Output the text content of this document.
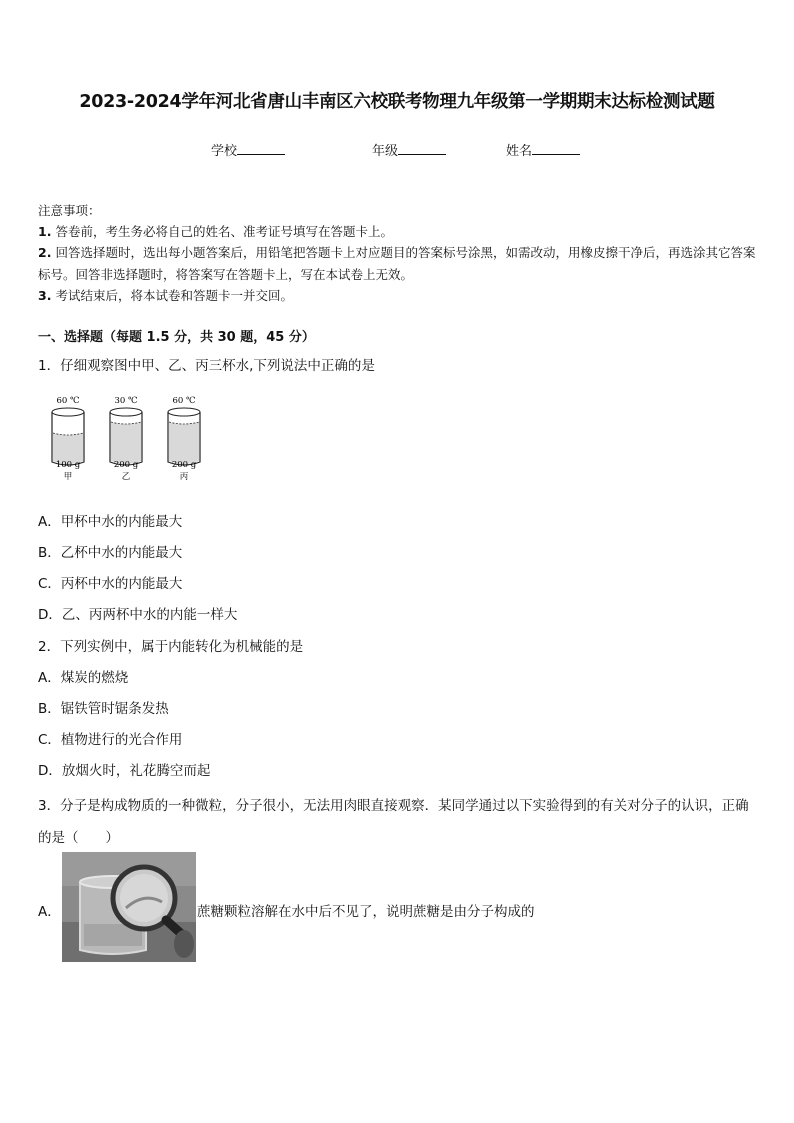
2023-2024学年河北省唐山丰南区六校联考物理九年级第一学期期末达标检测试题
学校	年级	姓名
注意事项：
1. 答卷前，考生务必将自己的姓名、准考证号填写在答题卡上。
2. 回答选择题时，选出每小题答案后，用铅笔把答题卡上对应题目的答案标号涂黑，如需改动，用橡皮擦干净后，再选涂其它答案标号。回答非选择题时，将答案写在答题卡上，写在本试卷上无效。
3. 考试结束后，将本试卷和答题卡一并交回。
一、选择题（每题 1.5 分，共 30 题，45 分）
1．仔细观察图中甲、乙、丙三杯水,下列说法中正确的是
60 ℃
100 g
甲
30 ℃
200 g
乙
60 ℃
200 g
丙
A．甲杯中水的内能最大
B．乙杯中水的内能最大
C．丙杯中水的内能最大
D．乙、丙两杯中水的内能一样大
2．下列实例中，属于内能转化为机械能的是
A．煤炭的燃烧
B．锯铁管时锯条发热
C．植物进行的光合作用
D．放烟火时，礼花腾空而起
3．分子是构成物质的一种微粒，分子很小，无法用肉眼直接观察．某同学通过以下实验得到的有关对分子的认识，正确的是（　　）
A．	蔗糖颗粒溶解在水中后不见了，说明蔗糖是由分子构成的
